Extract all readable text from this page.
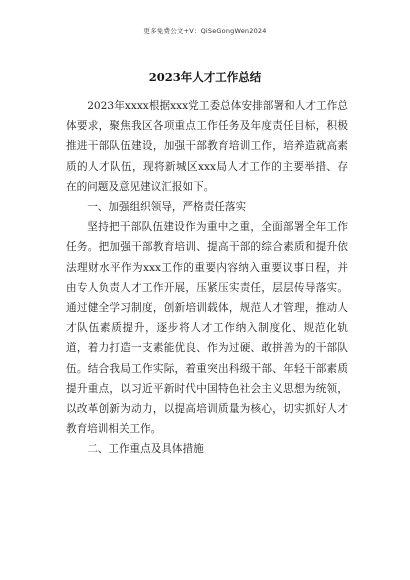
更多免费公文+V：QiSeGongWen2024
2023年人才工作总结

2023年xxxx根据xxx党工委总体安排部署和人才工作总体要求，聚焦我区各项重点工作任务及年度责任目标，积极推进干部队伍建设，加强干部教育培训工作，培养造就高素质的人才队伍，现将新城区xxx局人才工作的主要举措、存在的问题及意见建议汇报如下。

一、加强组织领导，严格责任落实

坚持把干部队伍建设作为重中之重，全面部署全年工作任务。把加强干部教育培训、提高干部的综合素质和提升依法理财水平作为xxx工作的重要内容纳入重要议事日程，并由专人负责人才工作开展，压紧压实责任，层层传导落实。通过健全学习制度，创新培训载体，规范人才管理，推动人才队伍素质提升，逐步将人才工作纳入制度化、规范化轨道，着力打造一支素能优良、作为过硬、敢拼善为的干部队伍。结合我局工作实际，着重突出科级干部、年轻干部素质提升重点，以习近平新时代中国特色社会主义思想为统领，以改革创新为动力，以提高培训质量为核心，切实抓好人才教育培训相关工作。

二、工作重点及具体措施
